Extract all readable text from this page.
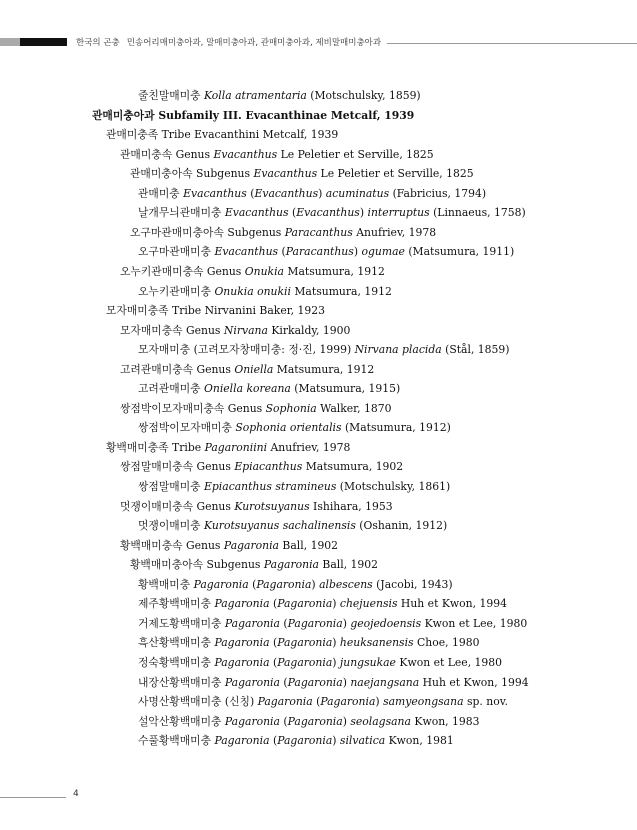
한국의 곤충 민송어리매미충아과, 말매미충아과, 관매미충아과, 제비말매미충아과
줄친말매미충 Kolla atramentaria (Motschulsky, 1859)
관매미충아과 Subfamily III. Evacanthinae Metcalf, 1939
관매미충족 Tribe Evacanthini Metcalf, 1939
관매미충속 Genus Evacanthus Le Peletier et Serville, 1825
관매미충아속 Subgenus Evacanthus Le Peletier et Serville, 1825
관매미충 Evacanthus (Evacanthus) acuminatus (Fabricius, 1794)
날개무늬관매미충 Evacanthus (Evacanthus) interruptus (Linnaeus, 1758)
오구마관매미충아속 Subgenus Paracanthus Anufriev, 1978
오구마관매미충 Evacanthus (Paracanthus) ogumae (Matsumura, 1911)
오누키관매미충속 Genus Onukia Matsumura, 1912
오누키관매미충 Onukia onukii Matsumura, 1912
모자매미충족 Tribe Nirvanini Baker, 1923
모자매미충속 Genus Nirvana Kirkaldy, 1900
모자매미충 (고려모자창매미충: 정·진, 1999) Nirvana placida (Stål, 1859)
고려관매미충속 Genus Oniella Matsumura, 1912
고려관매미충 Oniella koreana (Matsumura, 1915)
쌍점박이모자매미충속 Genus Sophonia Walker, 1870
쌍점박이모자매미충 Sophonia orientalis (Matsumura, 1912)
황백매미충족 Tribe Pagaroniini Anufriev, 1978
쌍점말매미충속 Genus Epiacanthus Matsumura, 1902
쌍점말매미충 Epiacanthus stramineus (Motschulsky, 1861)
멋쟁이매미충속 Genus Kurotsuyanus Ishihara, 1953
멋쟁이매미충 Kurotsuyanus sachalinensis (Oshanin, 1912)
황백매미충속 Genus Pagaronia Ball, 1902
황백매미충아속 Subgenus Pagaronia Ball, 1902
황백매미충 Pagaronia (Pagaronia) albescens (Jacobi, 1943)
제주황백매미충 Pagaronia (Pagaronia) chejuensis Huh et Kwon, 1994
거제도황백매미충 Pagaronia (Pagaronia) geojedoensis Kwon et Lee, 1980
흑산황백매미충 Pagaronia (Pagaronia) heuksanensis Choe, 1980
정숙황백매미충 Pagaronia (Pagaronia) jungsukae Kwon et Lee, 1980
내장산황백매미충 Pagaronia (Pagaronia) naejangsana Huh et Kwon, 1994
사명산황백매미충 (신칭) Pagaronia (Pagaronia) samyeongsana sp. nov.
설악산황백매미충 Pagaronia (Pagaronia) seolagsana Kwon, 1983
수풀황백매미충 Pagaronia (Pagaronia) silvatica Kwon, 1981
4
